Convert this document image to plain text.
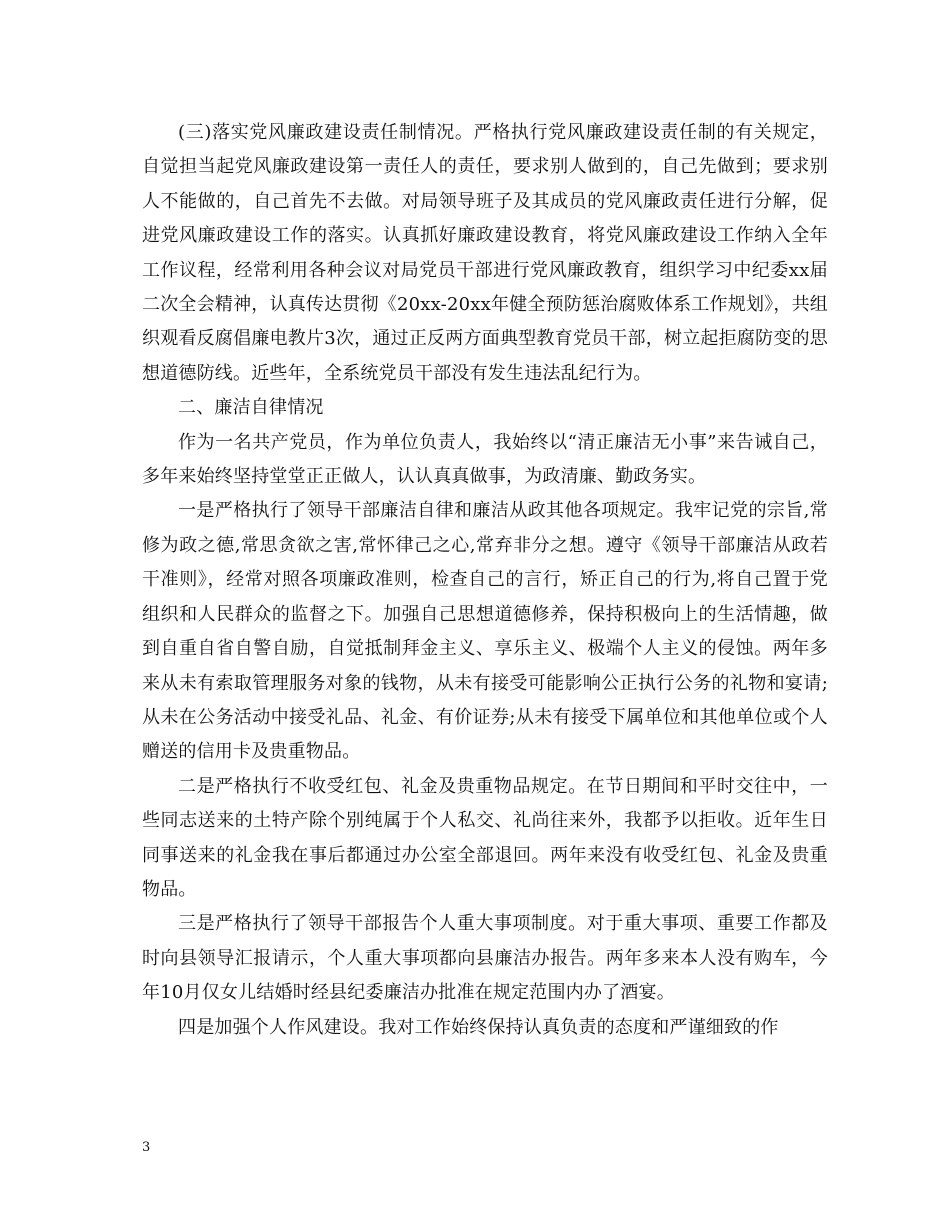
(三)落实党风廉政建设责任制情况。严格执行党风廉政建设责任制的有关规定，自觉担当起党风廉政建设第一责任人的责任，要求别人做到的，自己先做到；要求别人不能做的，自己首先不去做。对局领导班子及其成员的党风廉政责任进行分解，促进党风廉政建设工作的落实。认真抓好廉政建设教育，将党风廉政建设工作纳入全年工作议程，经常利用各种会议对局党员干部进行党风廉政教育，组织学习中纪委xx届二次全会精神，认真传达贯彻《20xx-20xx年健全预防惩治腐败体系工作规划》，共组织观看反腐倡廉电教片3次，通过正反两方面典型教育党员干部，树立起拒腐防变的思想道德防线。近些年，全系统党员干部没有发生违法乱纪行为。

二、廉洁自律情况

作为一名共产党员，作为单位负责人，我始终以“清正廉洁无小事”来告诫自己，多年来始终坚持堂堂正正做人，认认真真做事，为政清廉、勤政务实。

一是严格执行了领导干部廉洁自律和廉洁从政其他各项规定。我牢记党的宗旨,常修为政之德,常思贪欲之害,常怀律己之心,常弃非分之想。遵守《领导干部廉洁从政若干准则》，经常对照各项廉政准则，检查自己的言行，矫正自己的行为,将自己置于党组织和人民群众的监督之下。加强自己思想道德修养，保持积极向上的生活情趣，做到自重自省自警自励，自觉抵制拜金主义、享乐主义、极端个人主义的侵蚀。两年多来从未有索取管理服务对象的钱物，从未有接受可能影响公正执行公务的礼物和宴请;从未在公务活动中接受礼品、礼金、有价证券;从未有接受下属单位和其他单位或个人赠送的信用卡及贵重物品。

二是严格执行不收受红包、礼金及贵重物品规定。在节日期间和平时交往中，一些同志送来的土特产除个别纯属于个人私交、礼尚往来外，我都予以拒收。近年生日同事送来的礼金我在事后都通过办公室全部退回。两年来没有收受红包、礼金及贵重物品。

三是严格执行了领导干部报告个人重大事项制度。对于重大事项、重要工作都及时向县领导汇报请示，个人重大事项都向县廉洁办报告。两年多来本人没有购车，今年10月仅女儿结婚时经县纪委廉洁办批准在规定范围内办了酒宴。

四是加强个人作风建设。我对工作始终保持认真负责的态度和严谨细致的作

3
